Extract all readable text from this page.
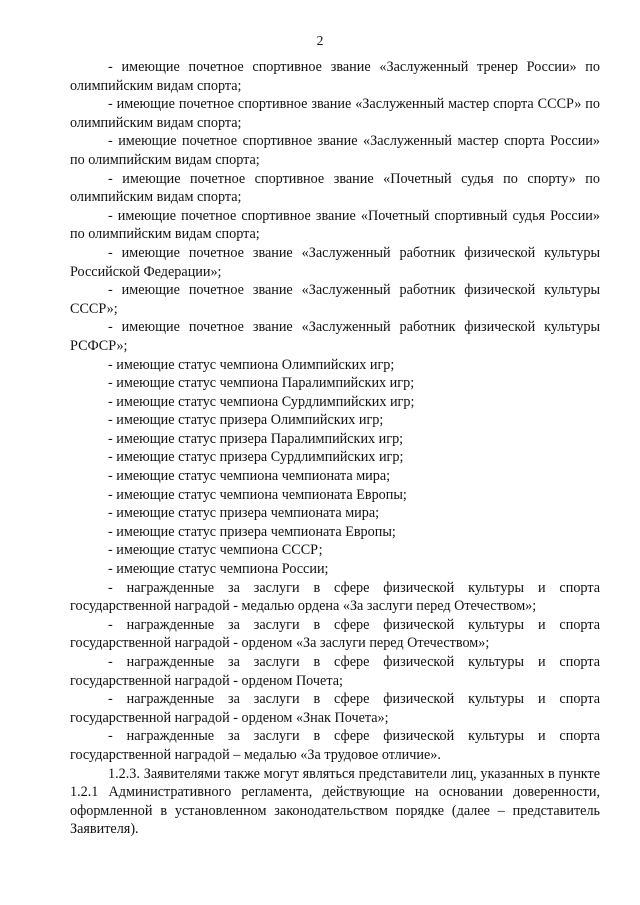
2

- имеющие почетное спортивное звание «Заслуженный тренер России» по олимпийским видам спорта;

- имеющие почетное спортивное звание «Заслуженный мастер спорта СССР» по олимпийским видам спорта;

- имеющие почетное спортивное звание «Заслуженный мастер спорта России» по олимпийским видам спорта;

- имеющие почетное спортивное звание «Почетный судья по спорту» по олимпийским видам спорта;

- имеющие почетное спортивное звание «Почетный спортивный судья России» по олимпийским видам спорта;

- имеющие почетное звание «Заслуженный работник физической культуры Российской Федерации»;

- имеющие почетное звание «Заслуженный работник физической культуры СССР»;

- имеющие почетное звание «Заслуженный работник физической культуры РСФСР»;

- имеющие статус чемпиона Олимпийских игр;

- имеющие статус чемпиона Паралимпийских игр;

- имеющие статус чемпиона Сурдлимпийских игр;

- имеющие статус призера Олимпийских игр;

- имеющие статус призера Паралимпийских игр;

- имеющие статус призера Сурдлимпийских игр;

- имеющие статус чемпиона чемпионата мира;

- имеющие статус чемпиона чемпионата Европы;

- имеющие статус призера чемпионата мира;

- имеющие статус призера чемпионата Европы;

- имеющие статус чемпиона СССР;

- имеющие статус чемпиона России;

- награжденные за заслуги в сфере физической культуры и спорта государственной наградой - медалью ордена «За заслуги перед Отечеством»;

- награжденные за заслуги в сфере физической культуры и спорта государственной наградой - орденом «За заслуги перед Отечеством»;

- награжденные за заслуги в сфере физической культуры и спорта государственной наградой - орденом Почета;

- награжденные за заслуги в сфере физической культуры и спорта государственной наградой - орденом «Знак Почета»;

- награжденные за заслуги в сфере физической культуры и спорта государственной наградой – медалью «За трудовое отличие».

1.2.3. Заявителями также могут являться представители лиц, указанных в пункте 1.2.1 Административного регламента, действующие на основании доверенности, оформленной в установленном законодательством порядке (далее – представитель Заявителя).
